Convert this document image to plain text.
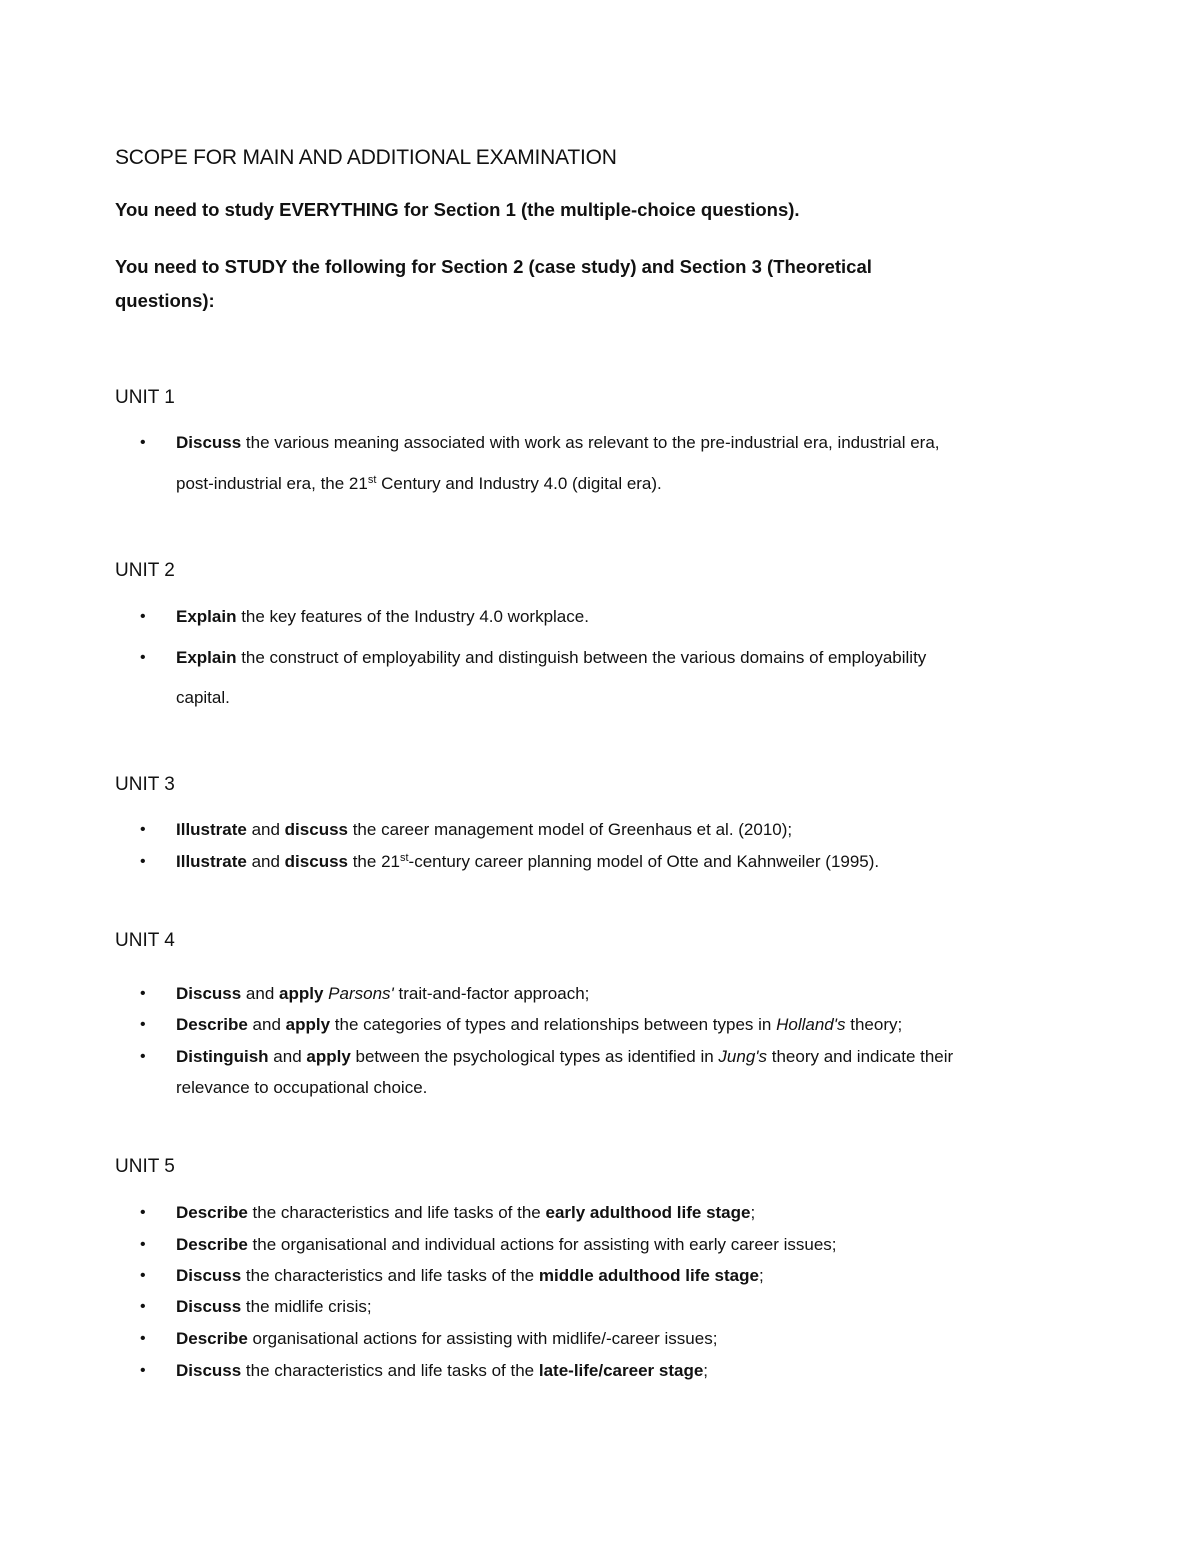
SCOPE FOR MAIN AND ADDITIONAL EXAMINATION
You need to study EVERYTHING for Section 1 (the multiple-choice questions).
You need to STUDY the following for Section 2 (case study) and Section 3 (Theoretical
questions):
UNIT 1
• Discuss the various meaning associated with work as relevant to the pre-industrial era, industrial era,
post-industrial era, the 21st Century and Industry 4.0 (digital era).
UNIT 2
• Explain the key features of the Industry 4.0 workplace.
• Explain the construct of employability and distinguish between the various domains of employability
capital.
UNIT 3
• Illustrate and discuss the career management model of Greenhaus et al. (2010);
• Illustrate and discuss the 21st-century career planning model of Otte and Kahnweiler (1995).
UNIT 4
• Discuss and apply Parsons' trait-and-factor approach;
• Describe and apply the categories of types and relationships between types in Holland's theory;
• Distinguish and apply between the psychological types as identified in Jung's theory and indicate their
relevance to occupational choice.
UNIT 5
• Describe the characteristics and life tasks of the early adulthood life stage;
• Describe the organisational and individual actions for assisting with early career issues;
• Discuss the characteristics and life tasks of the middle adulthood life stage;
• Discuss the midlife crisis;
• Describe organisational actions for assisting with midlife/-career issues;
• Discuss the characteristics and life tasks of the late-life/career stage;
